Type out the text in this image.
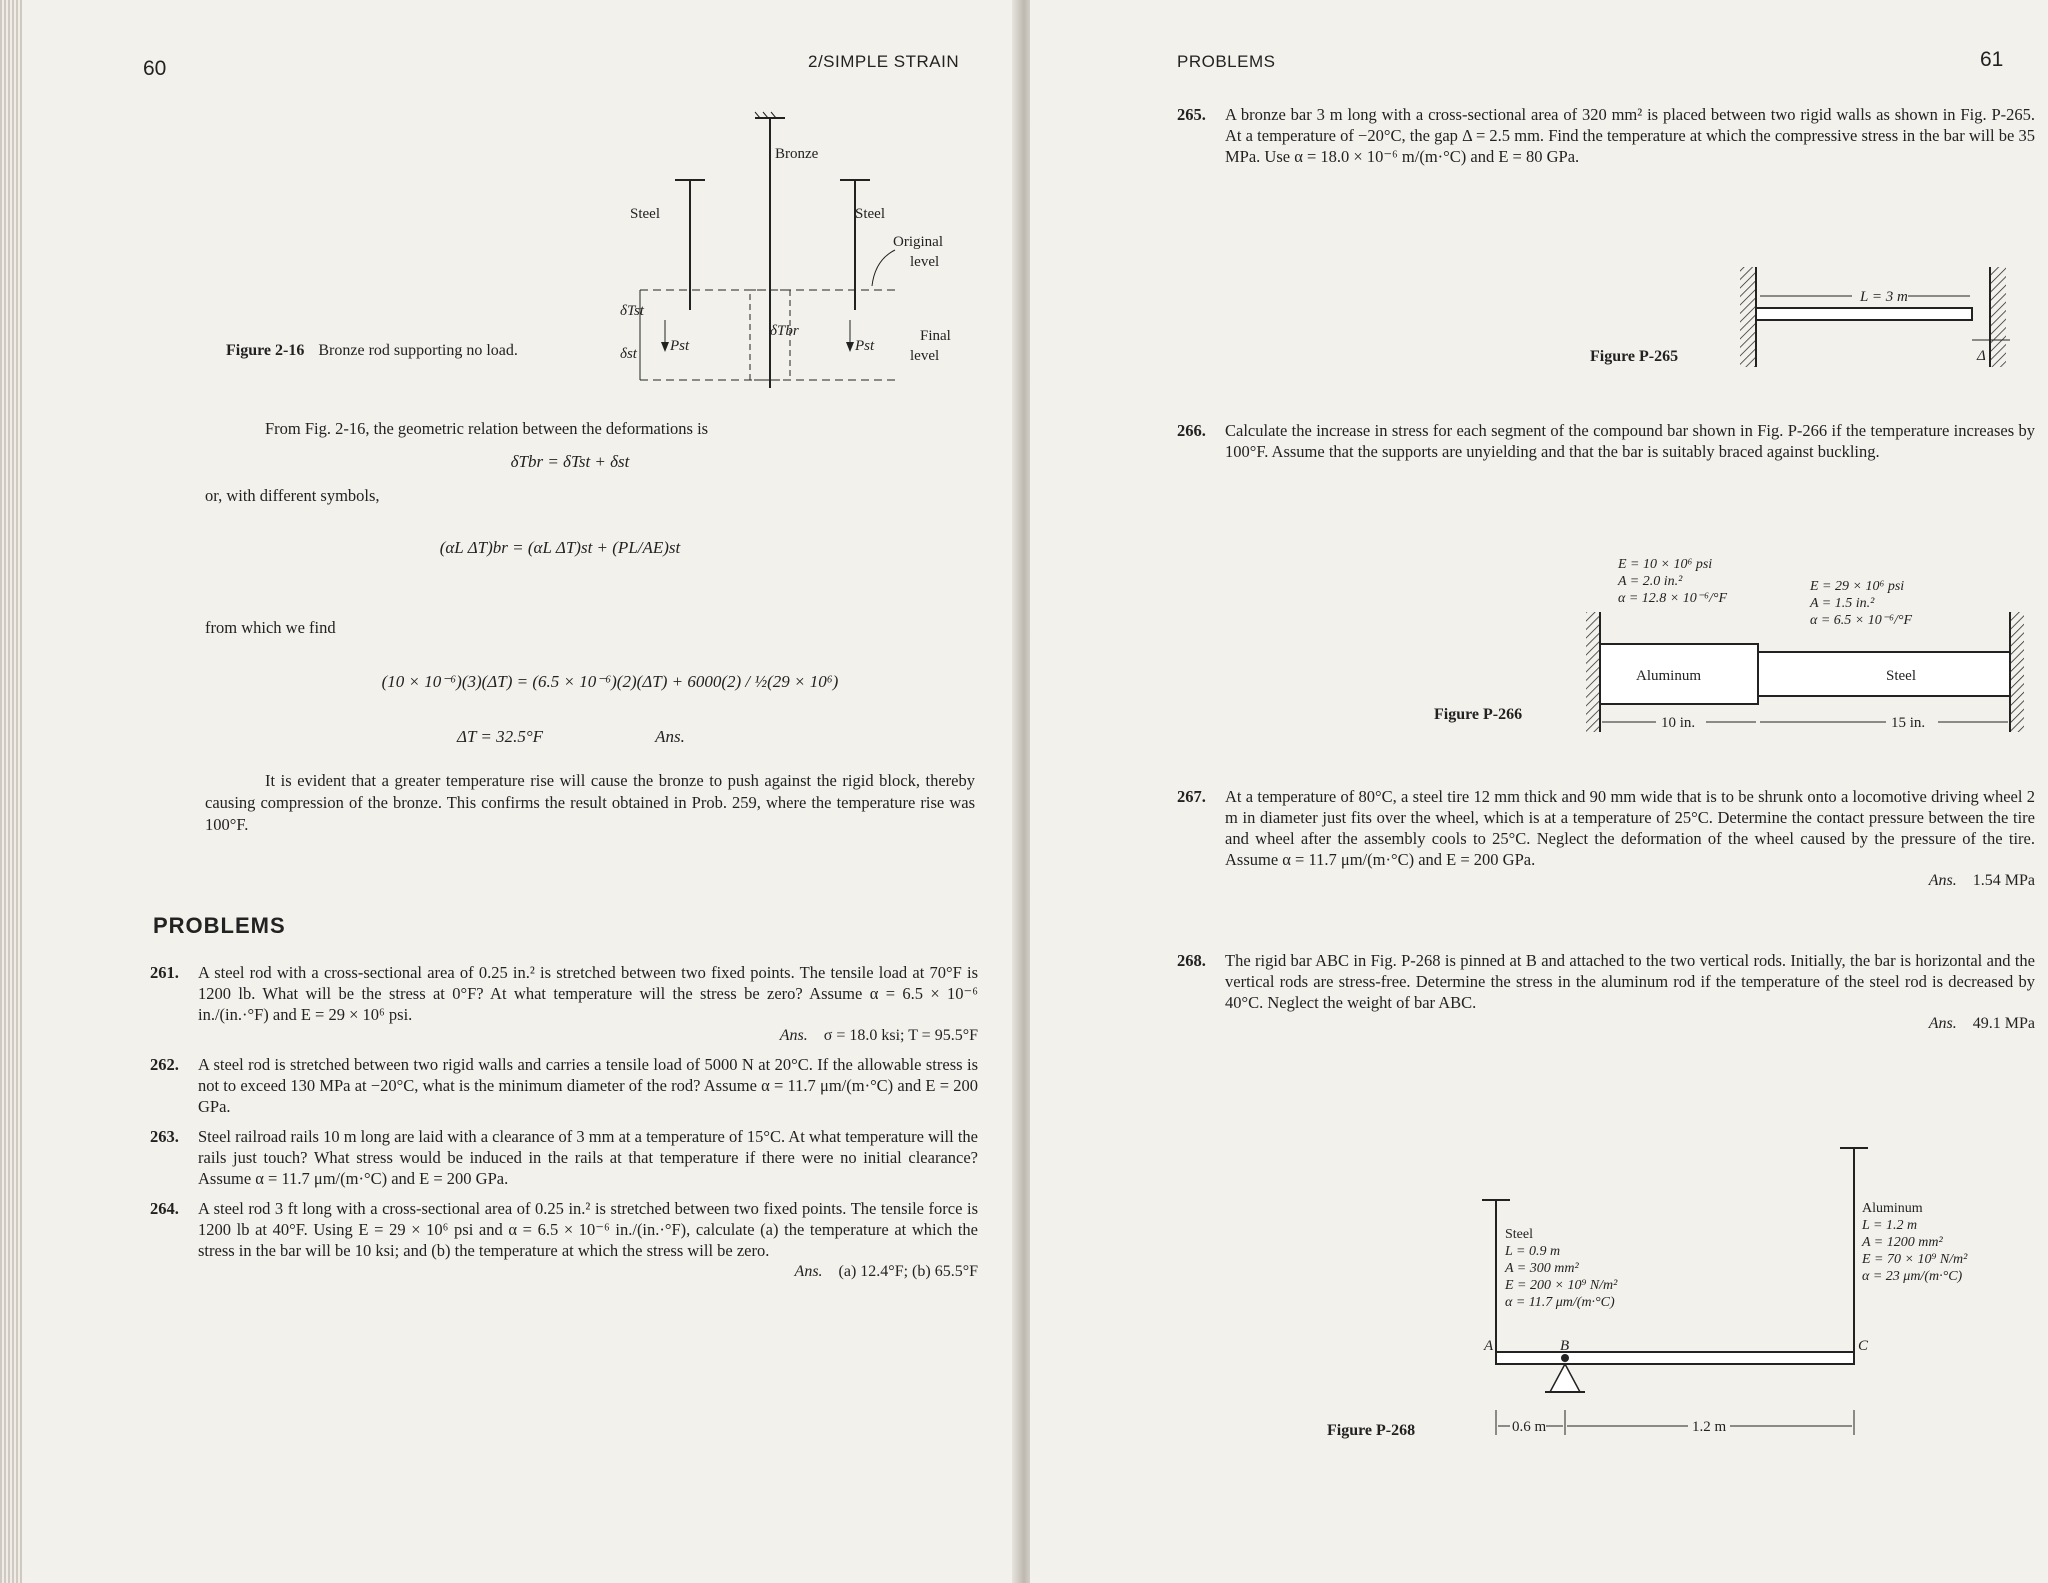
60	2/SIMPLE STRAIN
Bronze
Steel	Steel
Original
level
Final
level
δTst
δst
δTbr
Pst	Pst
Figure 2-16 Bronze rod supporting no load.
From Fig. 2-16, the geometric relation between the deformations is
δTbr = δTst + δst
or, with different symbols,
(αL ΔT)br = (αL ΔT)st + (PL/AE)st
from which we find
(10 × 10⁻⁶)(3)(ΔT) = (6.5 × 10⁻⁶)(2)(ΔT) + 6000(2) / ½(29 × 10⁶)
ΔT = 32.5°F	Ans.
It is evident that a greater temperature rise will cause the bronze to push against the rigid block, thereby causing compression of the bronze. This confirms the result obtained in Prob. 259, where the temperature rise was 100°F.
PROBLEMS
261. A steel rod with a cross-sectional area of 0.25 in.² is stretched between two fixed points. The tensile load at 70°F is 1200 lb. What will be the stress at 0°F? At what temperature will the stress be zero? Assume α = 6.5 × 10⁻⁶ in./(in.·°F) and E = 29 × 10⁶ psi.
Ans. σ = 18.0 ksi; T = 95.5°F
262. A steel rod is stretched between two rigid walls and carries a tensile load of 5000 N at 20°C. If the allowable stress is not to exceed 130 MPa at −20°C, what is the minimum diameter of the rod? Assume α = 11.7 μm/(m·°C) and E = 200 GPa.
263. Steel railroad rails 10 m long are laid with a clearance of 3 mm at a temperature of 15°C. At what temperature will the rails just touch? What stress would be induced in the rails at that temperature if there were no initial clearance? Assume α = 11.7 μm/(m·°C) and E = 200 GPa.
264. A steel rod 3 ft long with a cross-sectional area of 0.25 in.² is stretched between two fixed points. The tensile force is 1200 lb at 40°F. Using E = 29 × 10⁶ psi and α = 6.5 × 10⁻⁶ in./(in.·°F), calculate (a) the temperature at which the stress in the bar will be 10 ksi; and (b) the temperature at which the stress will be zero.
Ans. (a) 12.4°F; (b) 65.5°F
PROBLEMS	61
265. A bronze bar 3 m long with a cross-sectional area of 320 mm² is placed between two rigid walls as shown in Fig. P-265. At a temperature of −20°C, the gap Δ = 2.5 mm. Find the temperature at which the compressive stress in the bar will be 35 MPa. Use α = 18.0 × 10⁻⁶ m/(m·°C) and E = 80 GPa.
Figure P-265
L = 3 m
Δ
266. Calculate the increase in stress for each segment of the compound bar shown in Fig. P-266 if the temperature increases by 100°F. Assume that the supports are unyielding and that the bar is suitably braced against buckling.
E = 10 × 10⁶ psi
A = 2.0 in.²
α = 12.8 × 10⁻⁶/°F
E = 29 × 10⁶ psi
A = 1.5 in.²
α = 6.5 × 10⁻⁶/°F
Aluminum	Steel
10 in.	15 in.
Figure P-266
267. At a temperature of 80°C, a steel tire 12 mm thick and 90 mm wide that is to be shrunk onto a locomotive driving wheel 2 m in diameter just fits over the wheel, which is at a temperature of 25°C. Determine the contact pressure between the tire and wheel after the assembly cools to 25°C. Neglect the deformation of the wheel caused by the pressure of the tire. Assume α = 11.7 μm/(m·°C) and E = 200 GPa.
Ans. 1.54 MPa
268. The rigid bar ABC in Fig. P-268 is pinned at B and attached to the two vertical rods. Initially, the bar is horizontal and the vertical rods are stress-free. Determine the stress in the aluminum rod if the temperature of the steel rod is decreased by 40°C. Neglect the weight of bar ABC.
Ans. 49.1 MPa
A	B	C
0.6 m	1.2 m
Steel
L = 0.9 m
A = 300 mm²
E = 200 × 10⁹ N/m²
α = 11.7 μm/(m·°C)
Aluminum
L = 1.2 m
A = 1200 mm²
E = 70 × 10⁹ N/m²
α = 23 μm/(m·°C)
Figure P-268
